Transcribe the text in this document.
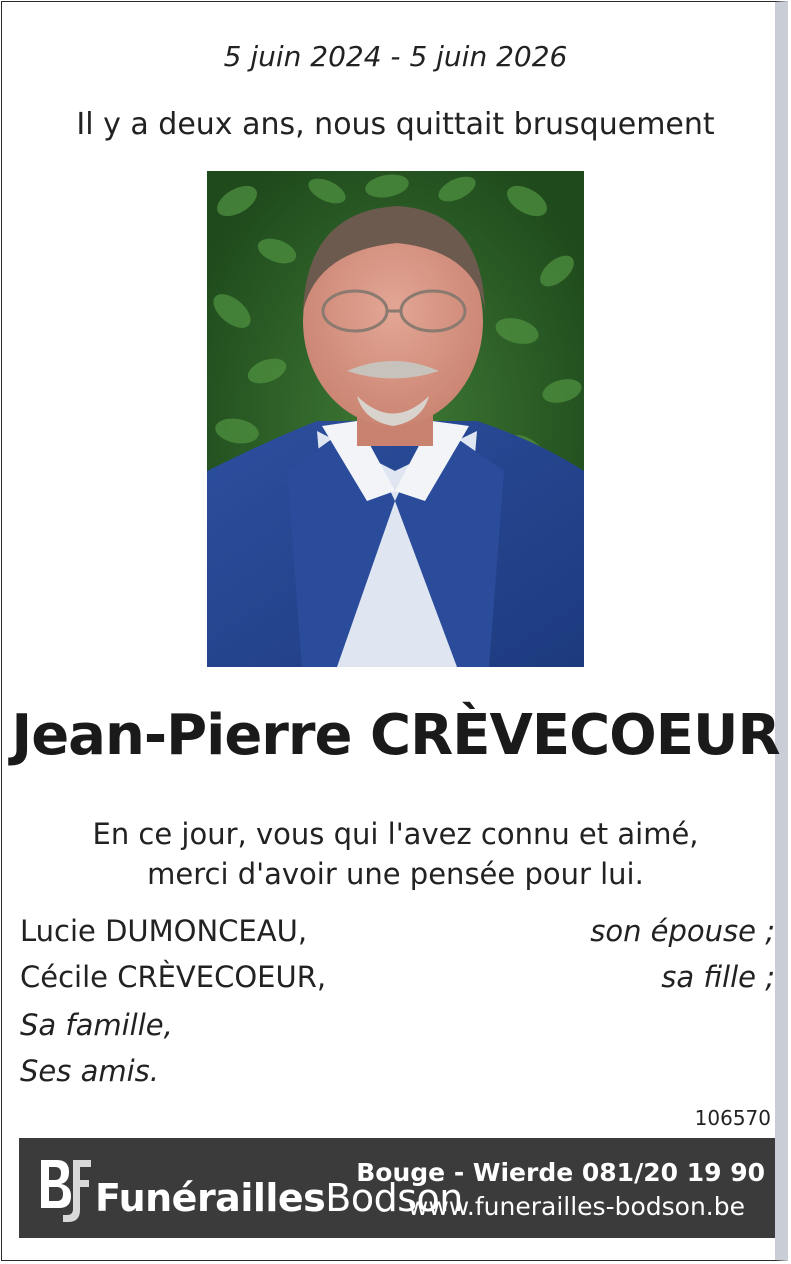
5 juin 2024 - 5 juin 2026
Il y a deux ans, nous quittait brusquement
Jean-Pierre CRÈVECOEUR
En ce jour, vous qui l'avez connu et aimé,
merci d'avoir une pensée pour lui.
Lucie DUMONCEAU,	son épouse ;
Cécile CRÈVECOEUR,	sa fille ;
Sa famille,
Ses amis.
106570
FunéraillesBodson
Bouge - Wierde 081/20 19 90
www.funerailles-bodson.be
